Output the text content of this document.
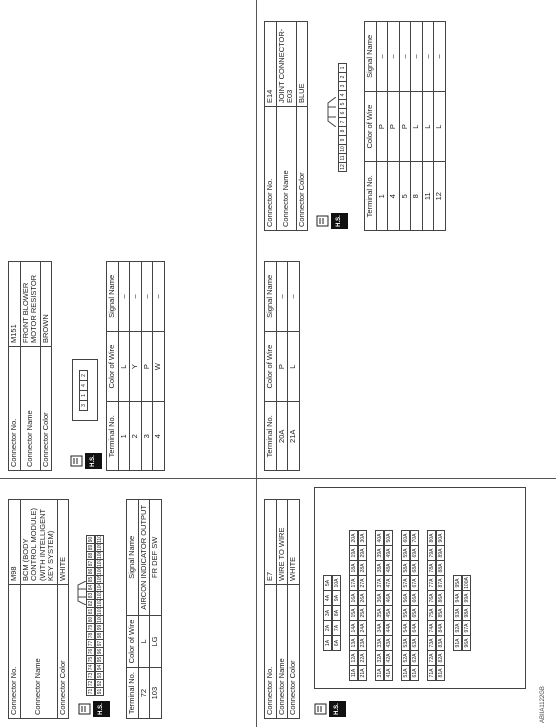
Connector No.	M98
Connector Name	BCM (BODY CONTROL MODULE) (WITH INTELLIGENT KEY SYSTEM)
Connector Color	WHITE
H.S.
71
72
73
74
75
76
77
78
79
80
81
82
83
84
85
86
87
88
89
90
91
92
93
94
95
96
97
98
99
100
101
102
103
104
105
106
107
108
109
110
Terminal No.	Color of Wire	Signal Name
72	L	AIRCON INDICATOR OUTPUT
103	LG	FR DEF SW
Connector No.	M151
Connector Name	FRONT BLOWER MOTOR RESISTOR
Connector Color	BROWN
H.S.
3
1
4
2
Terminal No.	Color of Wire	Signal Name
1	L	–
2	Y	–
3	P	–
4	W	–
Connector No.	E7
Connector Name	WIRE TO WIRE
Connector Color	WHITE
H.S.
1A
2A
3A
4A
5A
6A
7A
8A
9A
10A
11A
12A
13A
14A
15A
16A
17A
18A
19A
20A
21A
22A
23A
24A
25A
26A
27A
28A
29A
30A
31A
32A
33A
34A
35A
36A
37A
38A
39A
40A
41A
42A
43A
44A
45A
46A
47A
48A
49A
50A
51A
52A
53A
54A
55A
56A
57A
58A
59A
60A
61A
62A
63A
64A
65A
66A
67A
68A
69A
70A
71A
72A
73A
74A
75A
76A
77A
78A
79A
80A
81A
82A
83A
84A
85A
86A
87A
88A
89A
90A
91A
92A
93A
94A
95A
96A
97A
98A
99A
100A
Terminal No.	Color of Wire	Signal Name
20A	P	–
21A	L	–
Connector No.	E14
Connector Name	JOINT CONNECTOR-E03
Connector Color	BLUE
H.S.
12
11
10
9
8
7
6
5
4
3
2
1
Terminal No.	Color of Wire	Signal Name
1	P	–
4	P	–
5	P	–
8	L	–
11	L	–
12	L	–
ABIIA1122GB
